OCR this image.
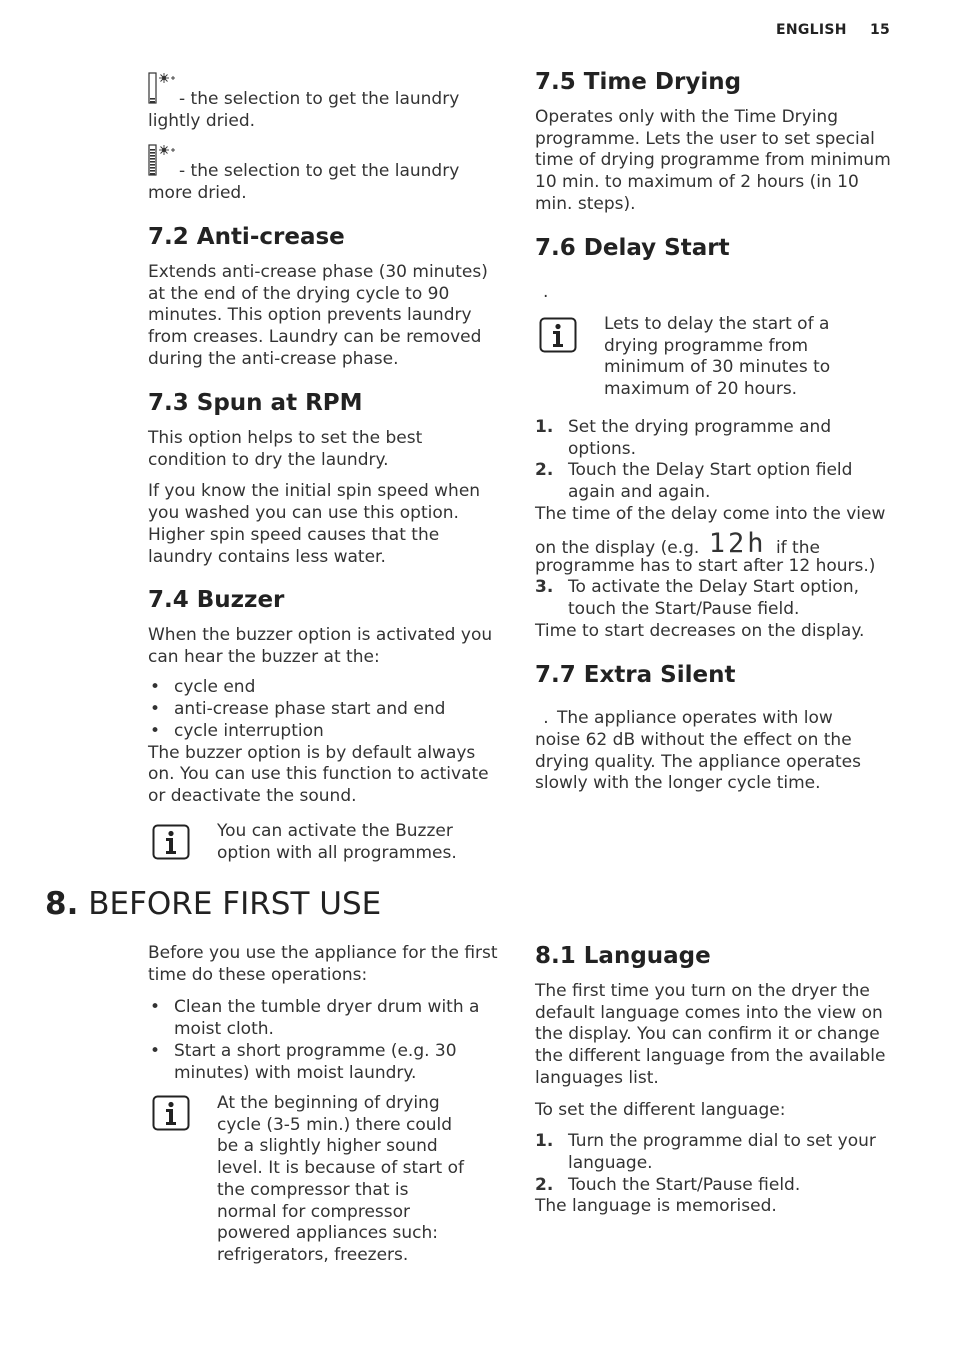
ENGLISH 15

- the selection to get the laundry lightly dried.

- the selection to get the laundry more dried.

7.2 Anti-crease

Extends anti-crease phase (30 minutes) at the end of the drying cycle to 90 minutes. This option prevents laundry from creases. Laundry can be removed during the anti-crease phase.

7.3 Spun at RPM

This option helps to set the best condition to dry the laundry.

If you know the initial spin speed when you washed you can use this option. Higher spin speed causes that the laundry contains less water.

7.4 Buzzer

When the buzzer option is activated you can hear the buzzer at the:

• cycle end
• anti-crease phase start and end
• cycle interruption

The buzzer option is by default always on. You can use this function to activate or deactivate the sound.

You can activate the Buzzer option with all programmes.

7.5 Time Drying

Operates only with the Time Drying programme. Lets the user to set special time of drying programme from minimum 10 min. to maximum of 2 hours (in 10 min. steps).

7.6 Delay Start
.

Lets to delay the start of a drying programme from minimum of 30 minutes to maximum of 20 hours.

1. Set the drying programme and options.
2. Touch the Delay Start option field again and again.

The time of the delay come into the view

on the display (e.g. 12h if the

programme has to start after 12 hours.)

3. To activate the Delay Start option, touch the Start/Pause field.

Time to start decreases on the display.

7.7 Extra Silent

. The appliance operates with low

noise 62 dB without the effect on the drying quality. The appliance operates slowly with the longer cycle time.

8. BEFORE FIRST USE

Before you use the appliance for the first time do these operations:

• Clean the tumble dryer drum with a moist cloth.
• Start a short programme (e.g. 30 minutes) with moist laundry.

At the beginning of drying cycle (3-5 min.) there could be a slightly higher sound level. It is because of start of the compressor that is normal for compressor powered appliances such: refrigerators, freezers.

8.1 Language

The first time you turn on the dryer the default language comes into the view on the display. You can confirm it or change the different language from the available languages list.

To set the different language:

1. Turn the programme dial to set your language.
2. Touch the Start/Pause field.

The language is memorised.
